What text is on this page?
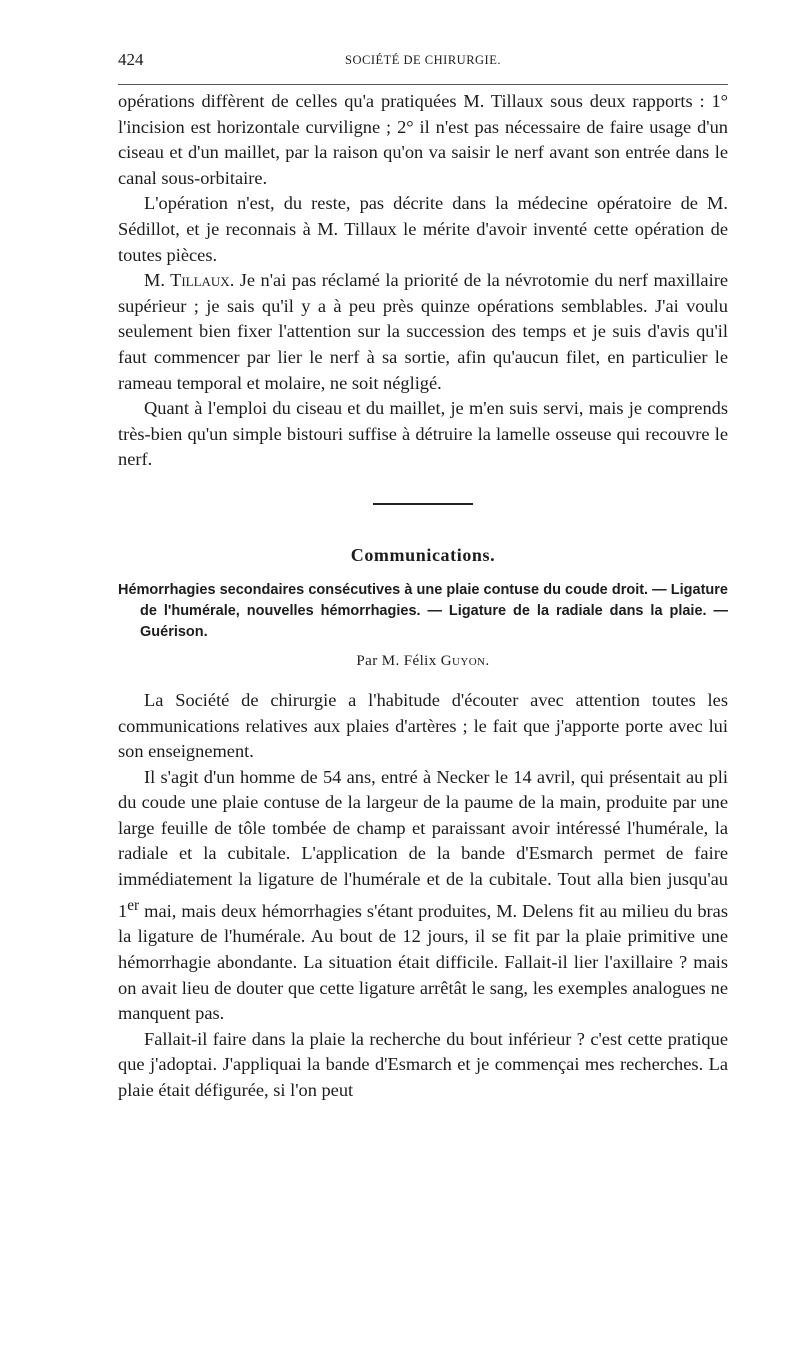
424	SOCIÉTÉ DE CHIRURGIE.

opérations diffèrent de celles qu'a pratiquées M. Tillaux sous deux rapports : 1° l'incision est horizontale curviligne ; 2° il n'est pas nécessaire de faire usage d'un ciseau et d'un maillet, par la raison qu'on va saisir le nerf avant son entrée dans le canal sous-orbitaire.

L'opération n'est, du reste, pas décrite dans la médecine opératoire de M. Sédillot, et je reconnais à M. Tillaux le mérite d'avoir inventé cette opération de toutes pièces.

M. Tillaux. Je n'ai pas réclamé la priorité de la névrotomie du nerf maxillaire supérieur ; je sais qu'il y a à peu près quinze opérations semblables. J'ai voulu seulement bien fixer l'attention sur la succession des temps et je suis d'avis qu'il faut commencer par lier le nerf à sa sortie, afin qu'aucun filet, en particulier le rameau temporal et molaire, ne soit négligé.

Quant à l'emploi du ciseau et du maillet, je m'en suis servi, mais je comprends très-bien qu'un simple bistouri suffise à détruire la lamelle osseuse qui recouvre le nerf.

Communications.
Hémorrhagies secondaires consécutives à une plaie contuse du coude droit. — Ligature de l'humérale, nouvelles hémorrhagies. — Ligature de la radiale dans la plaie. — Guérison.
Par M. Félix Guyon.

La Société de chirurgie a l'habitude d'écouter avec attention toutes les communications relatives aux plaies d'artères ; le fait que j'apporte porte avec lui son enseignement.

Il s'agit d'un homme de 54 ans, entré à Necker le 14 avril, qui présentait au pli du coude une plaie contuse de la largeur de la paume de la main, produite par une large feuille de tôle tombée de champ et paraissant avoir intéressé l'humérale, la radiale et la cubitale. L'application de la bande d'Esmarch permet de faire immédiatement la ligature de l'humérale et de la cubitale. Tout alla bien jusqu'au 1er mai, mais deux hémorrhagies s'étant produites, M. Delens fit au milieu du bras la ligature de l'humérale. Au bout de 12 jours, il se fit par la plaie primitive une hémorrhagie abondante. La situation était difficile. Fallait-il lier l'axillaire ? mais on avait lieu de douter que cette ligature arrêtât le sang, les exemples analogues ne manquent pas.

Fallait-il faire dans la plaie la recherche du bout inférieur ? c'est cette pratique que j'adoptai. J'appliquai la bande d'Esmarch et je commençai mes recherches. La plaie était défigurée, si l'on peut
